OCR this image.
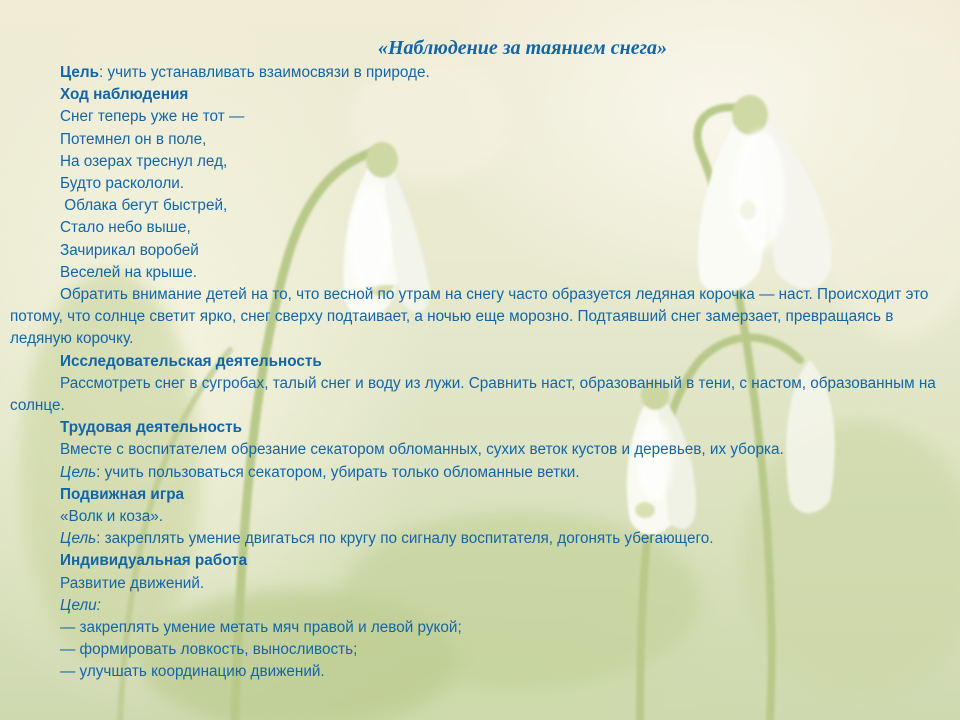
«Наблюдение за таянием снега»

Цель: учить устанавливать взаимосвязи в природе.

Ход наблюдения

Снег теперь уже не тот —

Потемнел он в поле,

На озерах треснул лед,

Будто раскололи.

Облака бегут быстрей,

Стало небо выше,

Зачирикал воробей

Веселей на крыше.

Обратить внимание детей на то, что весной по утрам на снегу часто образуется ледяная корочка — наст. Происходит это потому, что солнце светит ярко, снег сверху подтаивает, а ночью еще морозно. Подтаявший снег замерзает, превращаясь в ледяную корочку.

Исследовательская деятельность

Рассмотреть снег в сугробах, талый снег и воду из лужи. Сравнить наст, образованный в тени, с настом, образованным на солнце.

Трудовая деятельность

Вместе с воспитателем обрезание секатором обломанных, сухих веток кустов и деревьев, их уборка.

Цель: учить пользоваться секатором, убирать только обломанные ветки.

Подвижная игра

«Волк и коза».

Цель: закреплять умение двигаться по кругу по сигналу воспитателя, догонять убегающего.

Индивидуальная работа

Развитие движений.

Цели:

— закреплять умение метать мяч правой и левой рукой;

— формировать ловкость, выносливость;

— улучшать координацию движений.
